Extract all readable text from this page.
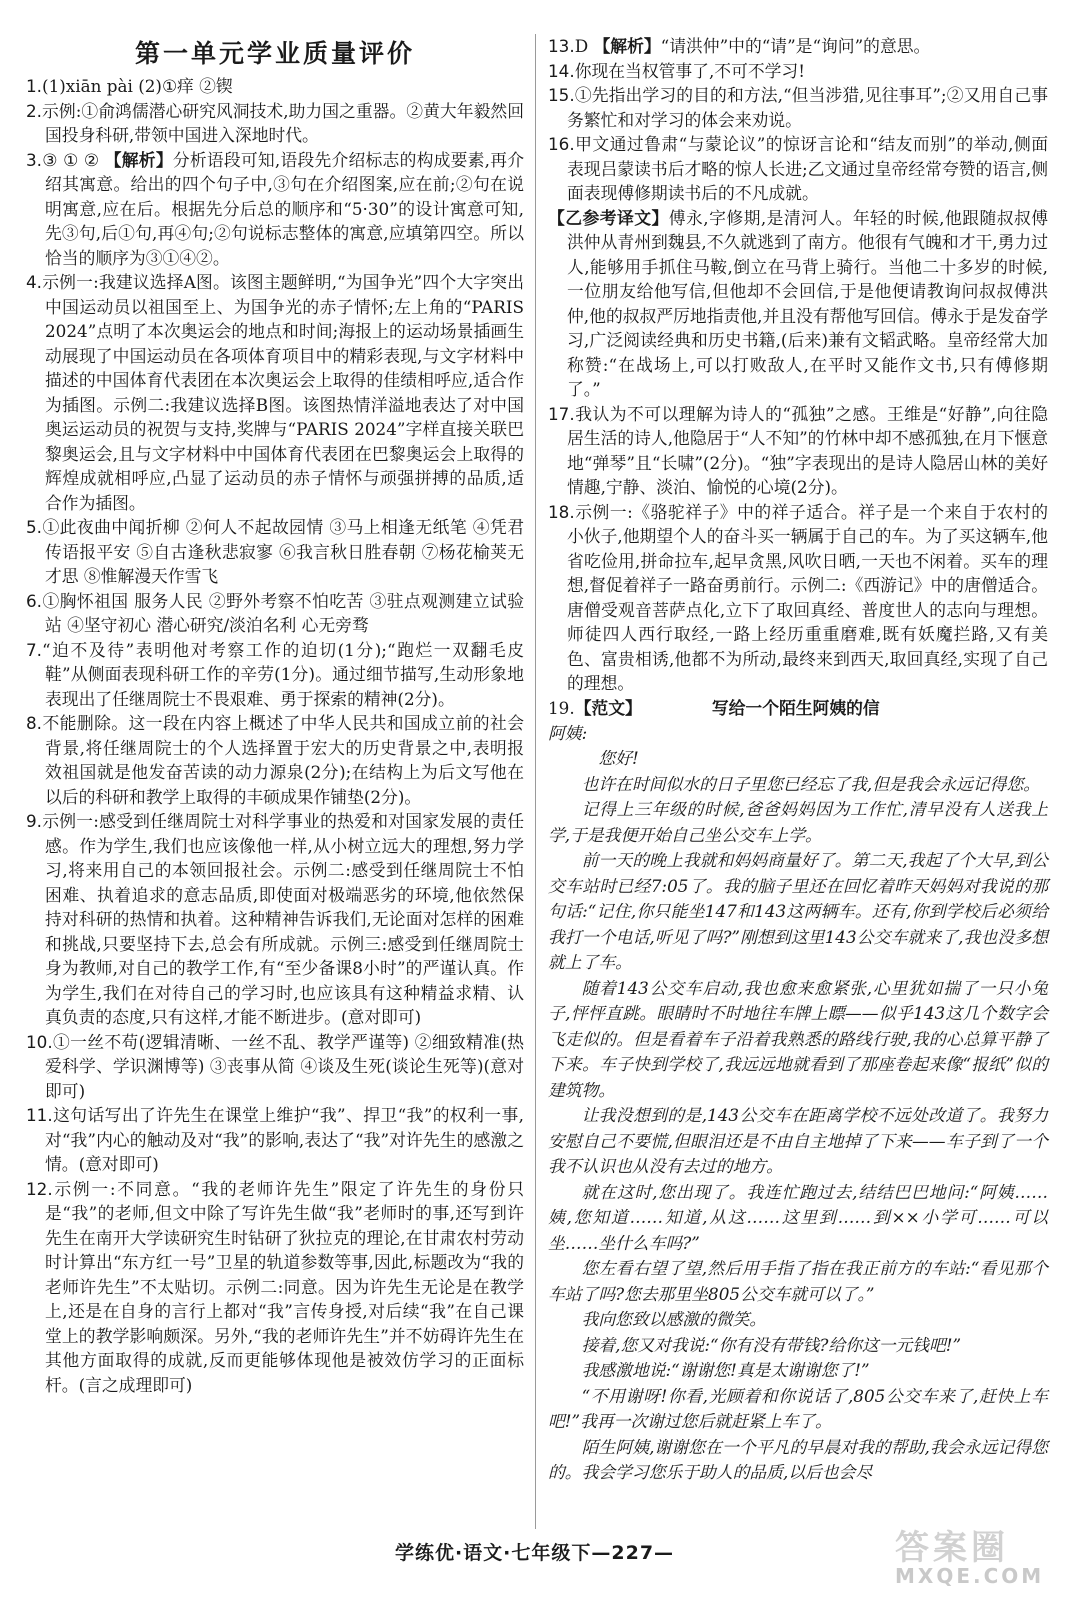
第一单元学业质量评价

1.(1)xiān pài (2)①痒 ②锲

2.示例:①俞鸿儒潜心研究风洞技术,助力国之重器。②黄大年毅然回国投身科研,带领中国进入深地时代。

3.③ ① ② 【解析】分析语段可知,语段先介绍标志的构成要素,再介绍其寓意。给出的四个句子中,③句在介绍图案,应在前;②句在说明寓意,应在后。根据先分后总的顺序和“5·30”的设计寓意可知,先③句,后①句,再④句;②句说标志整体的寓意,应填第四空。所以恰当的顺序为③①④②。

4.示例一:我建议选择A图。该图主题鲜明,“为国争光”四个大字突出中国运动员以祖国至上、为国争光的赤子情怀;左上角的“PARIS 2024”点明了本次奥运会的地点和时间;海报上的运动场景插画生动展现了中国运动员在各项体育项目中的精彩表现,与文字材料中描述的中国体育代表团在本次奥运会上取得的佳绩相呼应,适合作为插图。示例二:我建议选择B图。该图热情洋溢地表达了对中国奥运运动员的祝贺与支持,奖牌与“PARIS 2024”字样直接关联巴黎奥运会,且与文字材料中中国体育代表团在巴黎奥运会上取得的辉煌成就相呼应,凸显了运动员的赤子情怀与顽强拼搏的品质,适合作为插图。

5.①此夜曲中闻折柳 ②何人不起故园情 ③马上相逢无纸笔 ④凭君传语报平安 ⑤自古逢秋悲寂寥 ⑥我言秋日胜春朝 ⑦杨花榆荚无才思 ⑧惟解漫天作雪飞

6.①胸怀祖国 服务人民 ②野外考察不怕吃苦 ③驻点观测建立试验站 ④坚守初心 潜心研究/淡泊名利 心无旁骛

7.“迫不及待”表明他对考察工作的迫切(1分);“跑烂一双翻毛皮鞋”从侧面表现科研工作的辛劳(1分)。通过细节描写,生动形象地表现出了任继周院士不畏艰难、勇于探索的精神(2分)。

8.不能删除。这一段在内容上概述了中华人民共和国成立前的社会背景,将任继周院士的个人选择置于宏大的历史背景之中,表明报效祖国就是他发奋苦读的动力源泉(2分);在结构上为后文写他在以后的科研和教学上取得的丰硕成果作铺垫(2分)。

9.示例一:感受到任继周院士对科学事业的热爱和对国家发展的责任感。作为学生,我们也应该像他一样,从小树立远大的理想,努力学习,将来用自己的本领回报社会。示例二:感受到任继周院士不怕困难、执着追求的意志品质,即使面对极端恶劣的环境,他依然保持对科研的热情和执着。这种精神告诉我们,无论面对怎样的困难和挑战,只要坚持下去,总会有所成就。示例三:感受到任继周院士身为教师,对自己的教学工作,有“至少备课8小时”的严谨认真。作为学生,我们在对待自己的学习时,也应该具有这种精益求精、认真负责的态度,只有这样,才能不断进步。(意对即可)

10.①一丝不苟(逻辑清晰、一丝不乱、教学严谨等) ②细致精准(热爱科学、学识渊博等) ③丧事从简 ④谈及生死(谈论生死等)(意对即可)

11.这句话写出了许先生在课堂上维护“我”、捍卫“我”的权利一事,对“我”内心的触动及对“我”的影响,表达了“我”对许先生的感激之情。(意对即可)

12.示例一:不同意。“我的老师许先生”限定了许先生的身份只是“我”的老师,但文中除了写许先生做“我”老师时的事,还写到许先生在南开大学读研究生时钻研了狄拉克的理论,在甘肃农村劳动时计算出“东方红一号”卫星的轨道参数等事,因此,标题改为“我的老师许先生”不太贴切。示例二:同意。因为许先生无论是在教学上,还是在自身的言行上都对“我”言传身授,对后续“我”在自己课堂上的教学影响颇深。另外,“我的老师许先生”并不妨碍许先生在其他方面取得的成就,反而更能够体现他是被效仿学习的正面标杆。(言之成理即可)

13.D 【解析】“请洪仲”中的“请”是“询问”的意思。

14.你现在当权管事了,不可不学习!

15.①先指出学习的目的和方法,“但当涉猎,见往事耳”;②又用自己事务繁忙和对学习的体会来劝说。

16.甲文通过鲁肃“与蒙论议”的惊讶言论和“结友而别”的举动,侧面表现吕蒙读书后才略的惊人长进;乙文通过皇帝经常夸赞的语言,侧面表现傅修期读书后的不凡成就。

【乙参考译文】傅永,字修期,是清河人。年轻的时候,他跟随叔叔傅洪仲从青州到魏县,不久就逃到了南方。他很有气魄和才干,勇力过人,能够用手抓住马鞍,倒立在马背上骑行。当他二十多岁的时候,一位朋友给他写信,但他却不会回信,于是他便请教询问叔叔傅洪仲,他的叔叔严厉地指责他,并且没有帮他写回信。傅永于是发奋学习,广泛阅读经典和历史书籍,(后来)兼有文韬武略。皇帝经常大加称赞:“在战场上,可以打败敌人,在平时又能作文书,只有傅修期了。”

17.我认为不可以理解为诗人的“孤独”之感。王维是“好静”,向往隐居生活的诗人,他隐居于“人不知”的竹林中却不感孤独,在月下惬意地“弹琴”且“长啸”(2分)。“独”字表现出的是诗人隐居山林的美好情趣,宁静、淡泊、愉悦的心境(2分)。

18.示例一:《骆驼祥子》中的祥子适合。祥子是一个来自于农村的小伙子,他期望个人的奋斗买一辆属于自己的车。为了买这辆车,他省吃俭用,拼命拉车,起早贪黑,风吹日晒,一天也不闲着。买车的理想,督促着祥子一路奋勇前行。示例二:《西游记》中的唐僧适合。唐僧受观音菩萨点化,立下了取回真经、普度世人的志向与理想。师徒四人西行取经,一路上经历重重磨难,既有妖魔拦路,又有美色、富贵相诱,他都不为所动,最终来到西天,取回真经,实现了自己的理想。

19. 【范文】	写给一个陌生阿姨的信

阿姨:

您好!

也许在时间似水的日子里您已经忘了我,但是我会永远记得您。

记得上三年级的时候,爸爸妈妈因为工作忙,清早没有人送我上学,于是我便开始自己坐公交车上学。

前一天的晚上我就和妈妈商量好了。第二天,我起了个大早,到公交车站时已经7:05了。我的脑子里还在回忆着昨天妈妈对我说的那句话:“记住,你只能坐147和143这两辆车。还有,你到学校后必须给我打一个电话,听见了吗?”刚想到这里143公交车就来了,我也没多想就上了车。

随着143公交车启动,我也愈来愈紧张,心里犹如揣了一只小兔子,怦怦直跳。眼睛时不时地往车牌上瞟——似乎143这几个数字会飞走似的。但是看着车子沿着我熟悉的路线行驶,我的心总算平静了下来。车子快到学校了,我远远地就看到了那座卷起来像“报纸”似的建筑物。

让我没想到的是,143公交车在距离学校不远处改道了。我努力安慰自己不要慌,但眼泪还是不由自主地掉了下来——车子到了一个我不认识也从没有去过的地方。

就在这时,您出现了。我连忙跑过去,结结巴巴地问:“阿姨……姨,您知道……知道,从这……这里到……到××小学可……可以坐……坐什么车吗?”

您左看右望了望,然后用手指了指在我正前方的车站:“看见那个车站了吗?您去那里坐805公交车就可以了。”

我向您致以感激的微笑。

接着,您又对我说:“你有没有带钱?给你这一元钱吧!”

我感激地说:“谢谢您!真是太谢谢您了!”

“不用谢呀!你看,光顾着和你说话了,805公交车来了,赶快上车吧!”我再一次谢过您后就赶紧上车了。

陌生阿姨,谢谢您在一个平凡的早晨对我的帮助,我会永远记得您的。我会学习您乐于助人的品质,以后也会尽

学练优·语文·七年级下—227—	答案圈
MXQE.COM
